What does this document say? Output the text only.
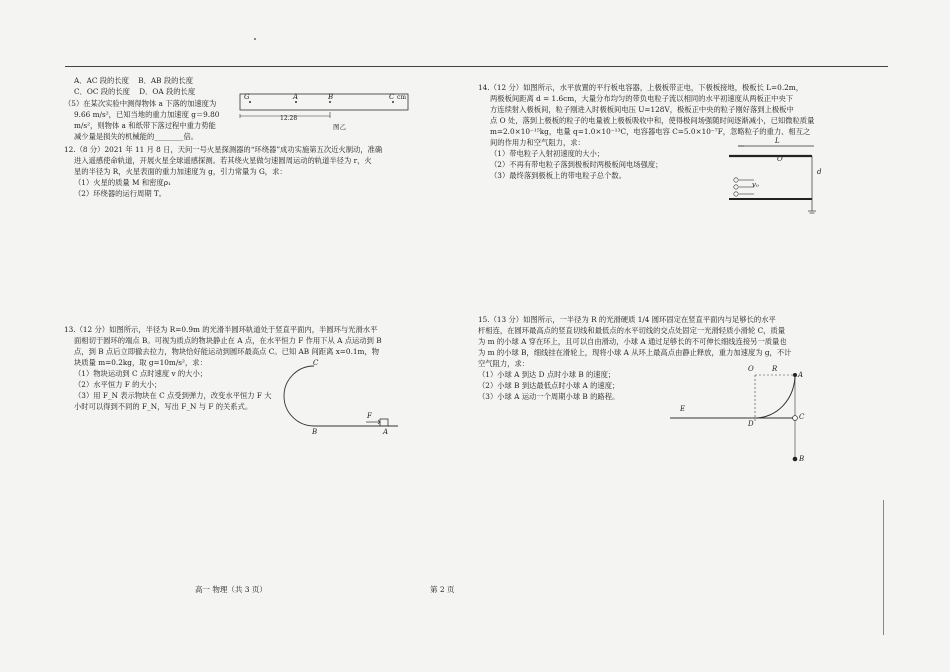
A．AC 段的长度    B．AB 段的长度
C．OC 段的长度    D．OA 段的长度
（5）在某次实验中测得物体 a 下落的加速度为
9.66 m/s²，已知当地的重力加速度 g＝9.80
m/s²，则物体 a 和纸带下落过程中重力势能
减少量是损失的机械能的________倍。
G	A	B	C cm
12.28
图乙
12.（8 分）2021 年 11 月 8 日，天问一号火星探测器的“环绕器”成功实施第五次近火制动，准确
进入遥感使命轨道，开展火星全球遥感探测。若其绕火星做匀速圆周运动的轨道半径为 r，火
星的半径为 R，火星表面的重力加速度为 g，引力常量为 G，求：
（1）火星的质量 M 和密度ρ₁
（2）环绕器的运行周期 T。
13.（12 分）如图所示，半径为 R=0.9m 的光滑半圆环轨道处于竖直平面内，半圆环与光滑水平
面相切于圆环的端点 B。可视为质点的物块静止在 A 点，在水平恒力 F 作用下从 A 点运动到 B
点，到 B 点后立即撤去拉力，物块恰好能运动到圆环最高点 C。已知 AB 间距离 x=0.1m，物
块质量 m=0.2kg，取 g=10m/s²，求：
（1）物块运动到 C 点时速度 v 的大小；
（2）水平恒力 F 的大小；
（3）用 F_N 表示物块在 C 点受到弹力，改变水平恒力 F 大
小时可以得到不同的 F_N，写出 F_N 与 F 的关系式。
C
B	A
F
14.（12 分）如图所示，水平放置的平行板电容器，上极板带正电，下极板接地，极板长 L=0.2m，
两极板间距离 d = 1.6cm，大量分布均匀的带负电粒子流以相同的水平初速度从两板正中央下
方连续射入极板间，粒子刚进入时极板间电压 U=128V，极板正中央的粒子刚好落到上极板中
点 O 处，落到上极板的粒子的电量被上极板吸收中和，使得极间场强随时间逐渐减小，已知微粒质量
m=2.0×10⁻¹⁵kg，电量 q=1.0×10⁻¹³C，电容器电容 C=5.0×10⁻⁷F，忽略粒子的重力、相互之
间的作用力和空气阻力，求：
（1）带电粒子入射初速度的大小；
（2）不再有带电粒子落到极板时两极板间电场强度；
（3）最终落到极板上的带电粒子总个数。
L
O
d
v₀
15.（13 分）如图所示，一半径为 R 的光滑硬质 1/4 圆环固定在竖直平面内与足够长的水平
杆相连，在圆环最高点的竖直切线和最低点的水平切线的交点处固定一光滑轻质小滑轮 C，质量
为 m 的小球 A 穿在环上，且可以自由滑动，小球 A 通过足够长的不可伸长细线连接另一质量也
为 m 的小球 B，细线挂在滑轮上，现将小球 A 从环上最高点由静止释放，重力加速度为 g，不计
空气阻力，求：
（1）小球 A 到达 D 点时小球 B 的速度；
（2）小球 B 到达最低点时小球 A 的速度；
（3）小球 A 运动一个周期小球 B 的路程。
O	R
A
E
D
C
B
高一 物理（共 3 页）	第 2 页
